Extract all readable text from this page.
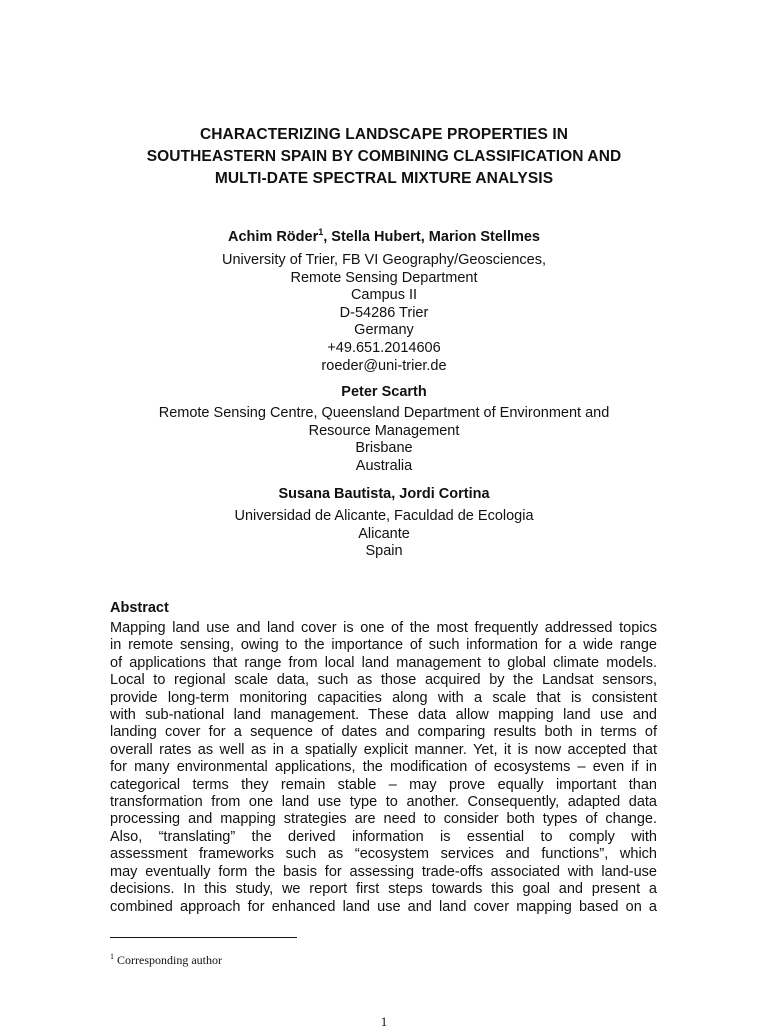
CHARACTERIZING LANDSCAPE PROPERTIES IN
SOUTHEASTERN SPAIN BY COMBINING CLASSIFICATION AND
MULTI-DATE SPECTRAL MIXTURE ANALYSIS
Achim Röder$^1$, Stella Hubert, Marion Stellmes
University of Trier, FB VI Geography/Geosciences,
Remote Sensing Department
Campus II
D-54286 Trier
Germany
+49.651.2014606
roeder@uni-trier.de
Peter Scarth
Remote Sensing Centre, Queensland Department of Environment and
Resource Management
Brisbane
Australia
Susana Bautista, Jordi Cortina
Universidad de Alicante, Faculdad de Ecologia
Alicante
Spain
Abstract
Mapping land use and land cover is one of the most frequently addressed topics
in remote sensing, owing to the importance of such information for a wide range
of applications that range from local land management to global climate models.
Local to regional scale data, such as those acquired by the Landsat sensors,
provide long-term monitoring capacities along with a scale that is consistent
with sub-national land management. These data allow mapping land use and
landing cover for a sequence of dates and comparing results both in terms of
overall rates as well as in a spatially explicit manner. Yet, it is now accepted that
for many environmental applications, the modification of ecosystems – even if in
categorical terms they remain stable – may prove equally important than
transformation from one land use type to another. Consequently, adapted data
processing and mapping strategies are need to consider both types of change.
Also, “translating” the derived information is essential to comply with
assessment frameworks such as “ecosystem services and functions”, which
may eventually form the basis for assessing trade-offs associated with land-use
decisions. In this study, we report first steps towards this goal and present a
combined approach for enhanced land use and land cover mapping based on a
$^1$ Corresponding author
1
